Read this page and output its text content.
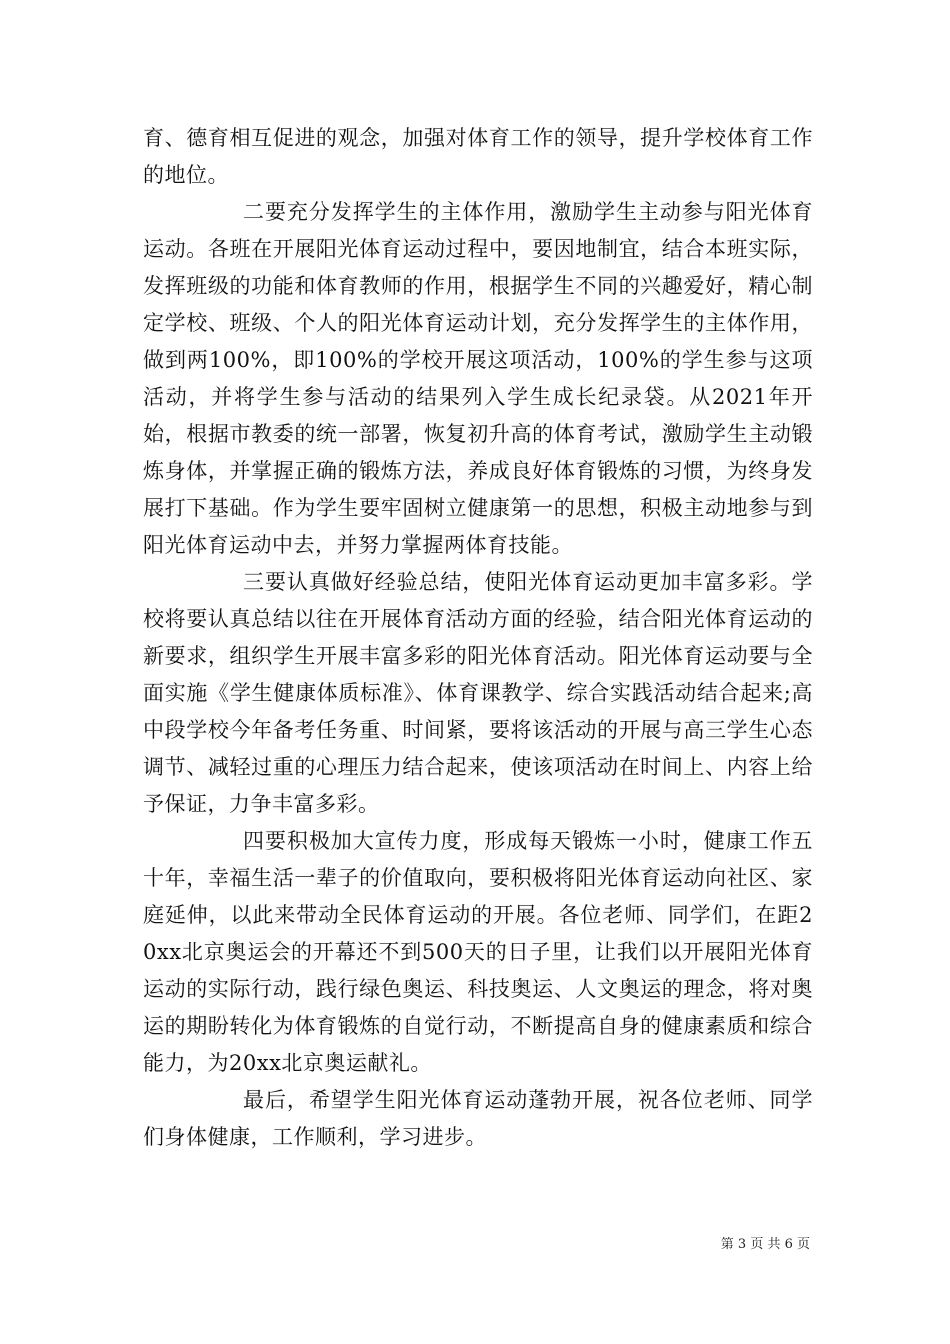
育、德育相互促进的观念，加强对体育工作的领导，提升学校体育工作的地位。

二要充分发挥学生的主体作用，激励学生主动参与阳光体育运动。各班在开展阳光体育运动过程中，要因地制宜，结合本班实际，发挥班级的功能和体育教师的作用，根据学生不同的兴趣爱好，精心制定学校、班级、个人的阳光体育运动计划，充分发挥学生的主体作用，做到两100%，即100%的学校开展这项活动，100%的学生参与这项活动，并将学生参与活动的结果列入学生成长纪录袋。从2021年开始，根据市教委的统一部署，恢复初升高的体育考试，激励学生主动锻炼身体，并掌握正确的锻炼方法，养成良好体育锻炼的习惯，为终身发展打下基础。作为学生要牢固树立健康第一的思想，积极主动地参与到阳光体育运动中去，并努力掌握两体育技能。

三要认真做好经验总结，使阳光体育运动更加丰富多彩。学校将要认真总结以往在开展体育活动方面的经验，结合阳光体育运动的新要求，组织学生开展丰富多彩的阳光体育活动。阳光体育运动要与全面实施《学生健康体质标准》、体育课教学、综合实践活动结合起来;高中段学校今年备考任务重、时间紧，要将该活动的开展与高三学生心态调节、减轻过重的心理压力结合起来，使该项活动在时间上、内容上给予保证，力争丰富多彩。

四要积极加大宣传力度，形成每天锻炼一小时，健康工作五十年，幸福生活一辈子的价值取向，要积极将阳光体育运动向社区、家庭延伸，以此来带动全民体育运动的开展。各位老师、同学们，在距20xx北京奥运会的开幕还不到500天的日子里，让我们以开展阳光体育运动的实际行动，践行绿色奥运、科技奥运、人文奥运的理念，将对奥运的期盼转化为体育锻炼的自觉行动，不断提高自身的健康素质和综合能力，为20xx北京奥运献礼。

最后，希望学生阳光体育运动蓬勃开展，祝各位老师、同学们身体健康，工作顺利，学习进步。

第 3 页 共 6 页
